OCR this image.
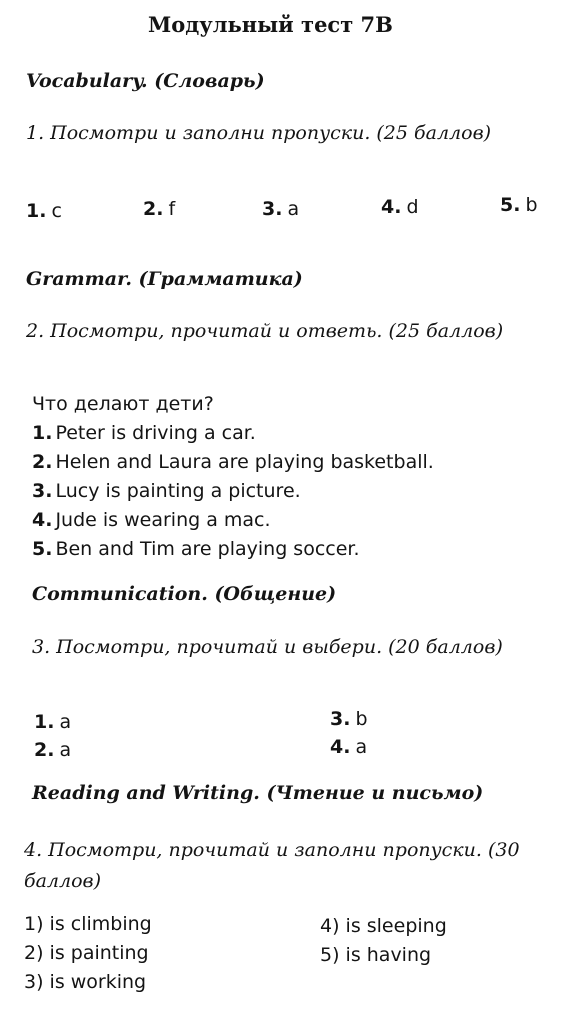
Модульный тест 7В
Vocabulary. (Словарь)
1. Посмотри и заполни пропуски. (25 баллов)
1. c	2. f	3. a	4. d	5. b
Grammar. (Грамматика)
2. Посмотри, прочитай и ответь. (25 баллов)
Что делают дети?
1. Peter is driving a car.
2. Helen and Laura are playing basketball.
3. Lucy is painting a picture.
4. Jude is wearing a mac.
5. Ben and Tim are playing soccer.
Communication. (Общение)
3. Посмотри, прочитай и выбери. (20 баллов)
1. a
2. a
3. b
4. a
Reading and Writing. (Чтение и письмо)
4. Посмотри, прочитай и заполни пропуски. (30 баллов)
1) is climbing
2) is painting
3) is working
4) is sleeping
5) is having
